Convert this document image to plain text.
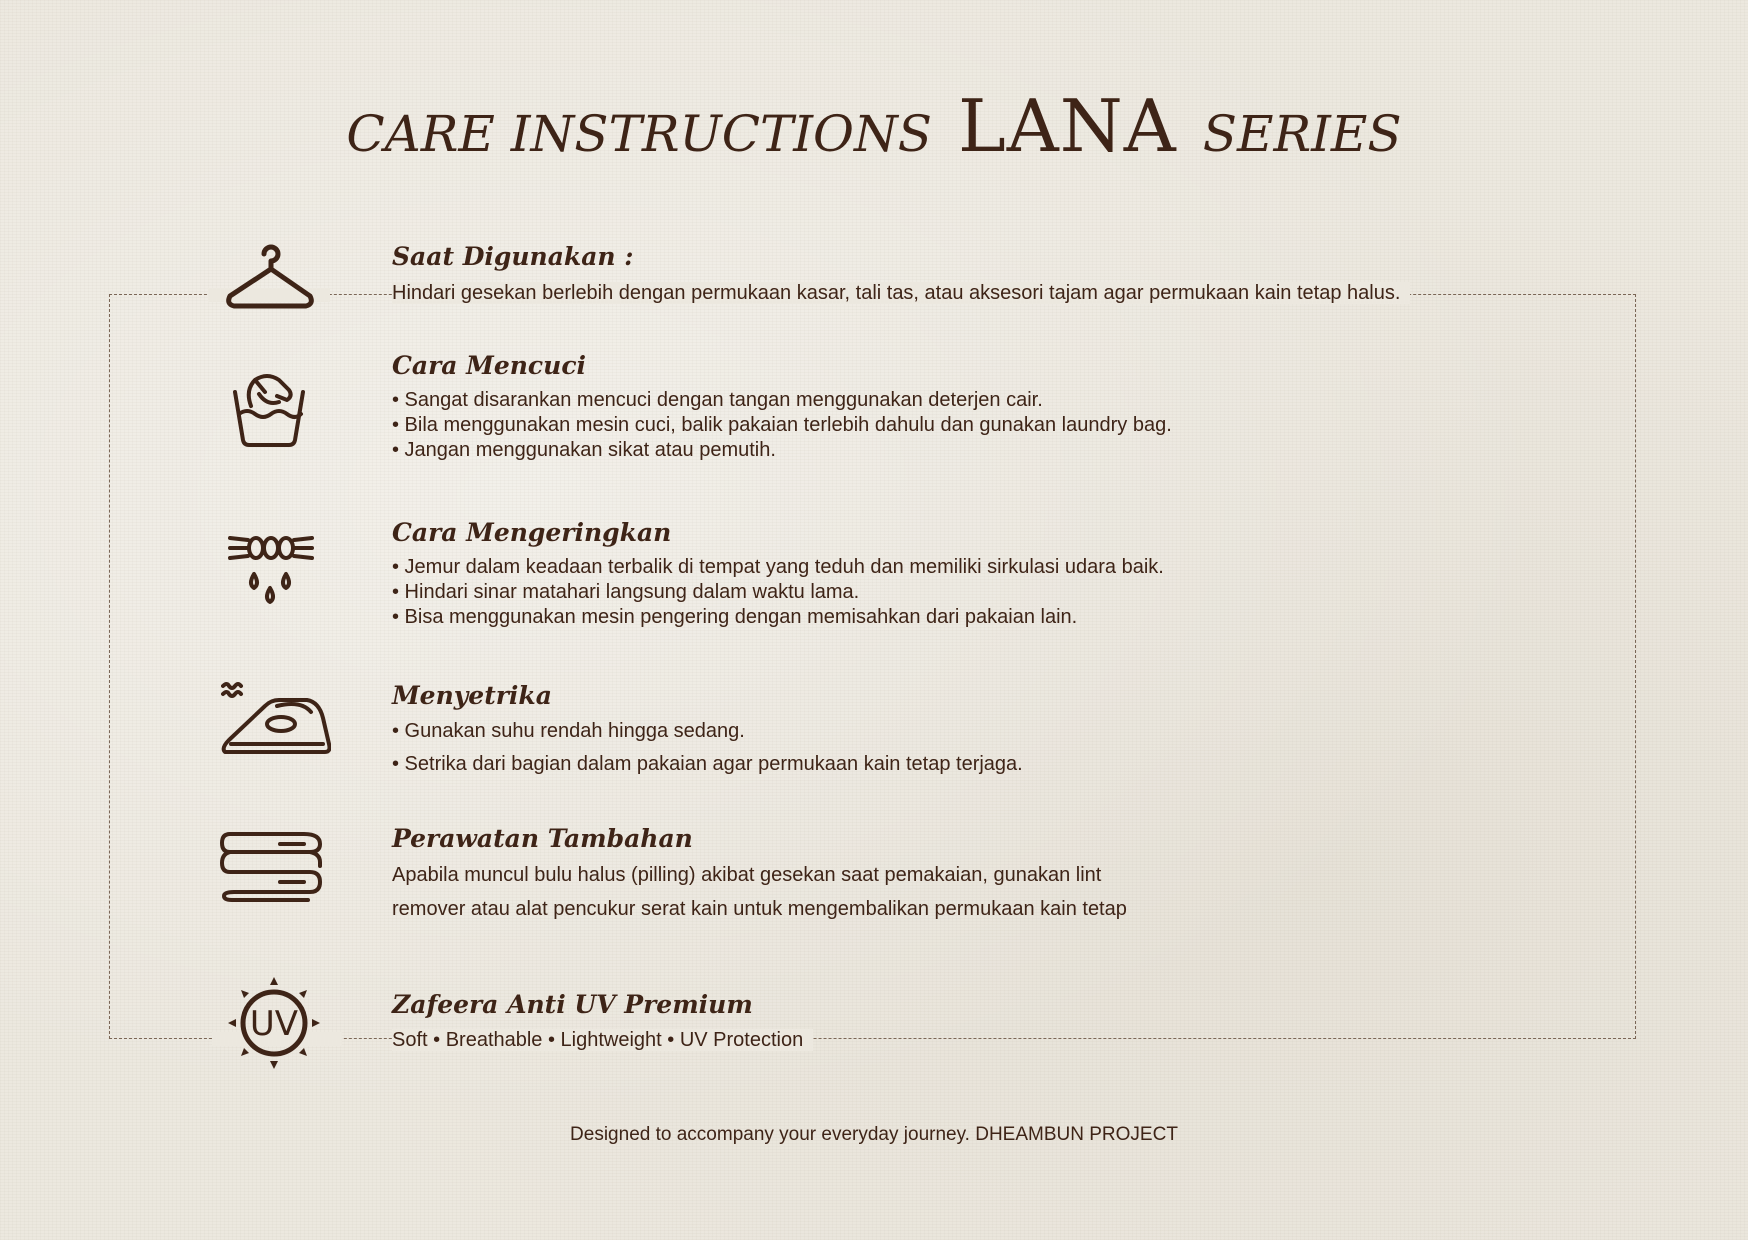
CARE INSTRUCTIONS LANA SERIES
Saat Digunakan :
Hindari gesekan berlebih dengan permukaan kasar, tali tas, atau aksesori tajam agar permukaan kain tetap halus.
Cara Mencuci
• Sangat disarankan mencuci dengan tangan menggunakan deterjen cair.
• Bila menggunakan mesin cuci, balik pakaian terlebih dahulu dan gunakan laundry bag.
• Jangan menggunakan sikat atau pemutih.
Cara Mengeringkan
• Jemur dalam keadaan terbalik di tempat yang teduh dan memiliki sirkulasi udara baik.
• Hindari sinar matahari langsung dalam waktu lama.
• Bisa menggunakan mesin pengering dengan memisahkan dari pakaian lain.
Menyetrika
• Gunakan suhu rendah hingga sedang.
• Setrika dari bagian dalam pakaian agar permukaan kain tetap terjaga.
Perawatan Tambahan
Apabila muncul bulu halus (pilling) akibat gesekan saat pemakaian, gunakan lint
remover atau alat pencukur serat kain untuk mengembalikan permukaan kain tetap
UV	Zafeera Anti UV Premium
Soft • Breathable • Lightweight • UV Protection
Designed to accompany your everyday journey. DHEAMBUN PROJECT
